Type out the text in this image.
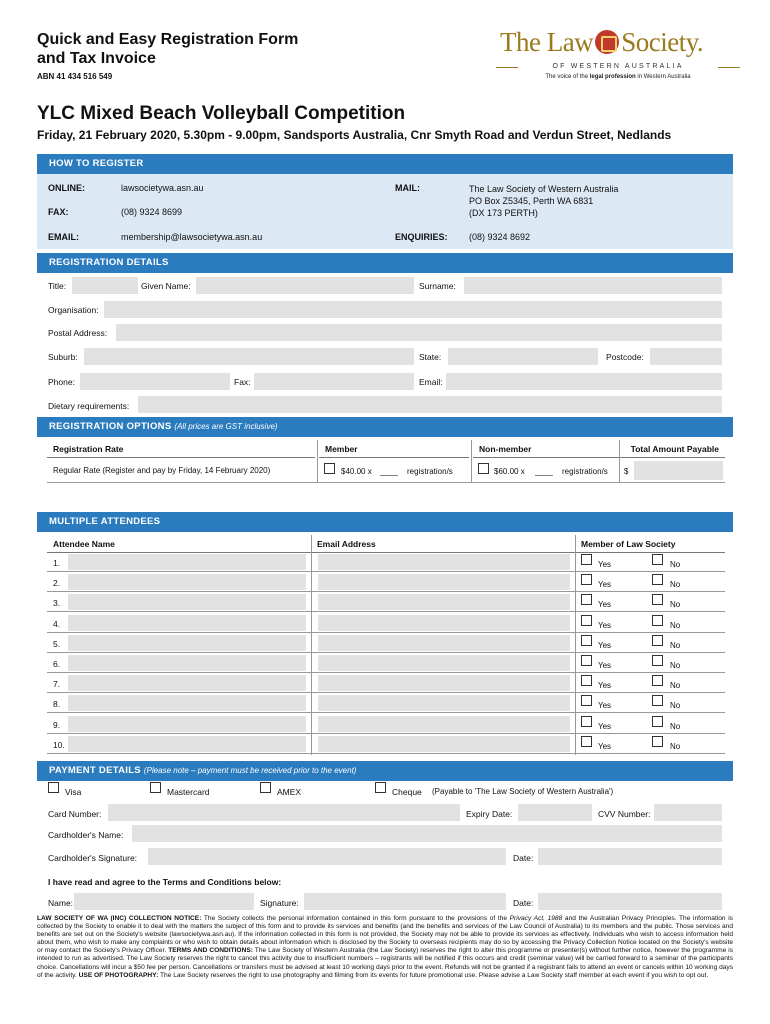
Quick and Easy Registration Form
and Tax Invoice
ABN 41 434 516 549
The Law Society.
OF WESTERN AUSTRALIA
The voice of the legal profession in Western Australia
YLC Mixed Beach Volleyball Competition
Friday, 21 February 2020, 5.30pm - 9.00pm, Sandsports Australia, Cnr Smyth Road and Verdun Street, Nedlands
HOW TO REGISTER
ONLINE:	lawsocietywa.asn.au
FAX:	(08) 9324 8699
EMAIL:	membership@lawsocietywa.asn.au
MAIL:	The Law Society of Western Australia
PO Box Z5345, Perth WA 6831
(DX 173 PERTH)
ENQUIRIES: (08) 9324 8692
REGISTRATION DETAILS
Title:	Given Name:	Surname:
Organisation:
Postal Address:
Suburb:	State:	Postcode:
Phone:	Fax:	Email:
Dietary requirements:
REGISTRATION OPTIONS (All prices are GST inclusive)
Registration Rate	Member	Non-member	Total Amount Payable
Regular Rate (Register and pay by Friday, 14 February 2020)	$40.00 x ____ registration/s	$60.00 x ____ registration/s $
MULTIPLE ATTENDEES
Attendee Name	Email Address	Member of Law Society
1.	Yes	No
2.	Yes	No
3.	Yes	No
4.	Yes	No
5.	Yes	No
6.	Yes	No
7.	Yes	No
8.	Yes	No
9.	Yes	No
10.	Yes	No
PAYMENT DETAILS (Please note – payment must be received prior to the event)
Visa	Mastercard	AMEX	Cheque (Payable to 'The Law Society of Western Australia')
Card Number:	Expiry Date:	CVV Number:
Cardholder's Name:
Cardholder's Signature:	Date:
I have read and agree to the Terms and Conditions below:
Name:	Signature:	Date:
LAW SOCIETY OF WA (INC) COLLECTION NOTICE: The Society collects the personal information contained in this form pursuant to the provisions of the Privacy Act, 1988 and the Australian Privacy Principles. The information is collected by the Society to enable it to deal with the matters the subject of this form and to provide its services and benefits (and the benefits and services of the Law Council of Australia) to its members and the public. Those services and benefits are set out on the Society's website (lawsocietywa.asn.au). If the information collected in this form is not provided, the Society may not be able to provide its services as effectively. Individuals who wish to access information held about them, who wish to make any complaints or who wish to obtain details about information which is disclosed by the Society to overseas recipients may do so by accessing the Privacy Collection Notice located on the Society's website or may contact the Society's Privacy Officer. TERMS AND CONDITIONS: The Law Society of Western Australia (the Law Society) reserves the right to alter this programme or presenter(s) without further notice, however the programme is intended to run as advertised. The Law Society reserves the right to cancel this activity due to insufficient numbers – registrants will be notified if this occurs and credit (seminar value) will be carried forward to a seminar of the participants choice. Cancellations will incur a $50 fee per person. Cancellations or transfers must be advised at least 10 working days prior to the event. Refunds will not be granted if a registrant fails to attend an event or cancels within 10 working days of the activity. USE OF PHOTOGRAPHY: The Law Society reserves the right to use photography and filming from its events for future promotional use. Please advise a Law Society staff member at each event if you wish to opt out.
